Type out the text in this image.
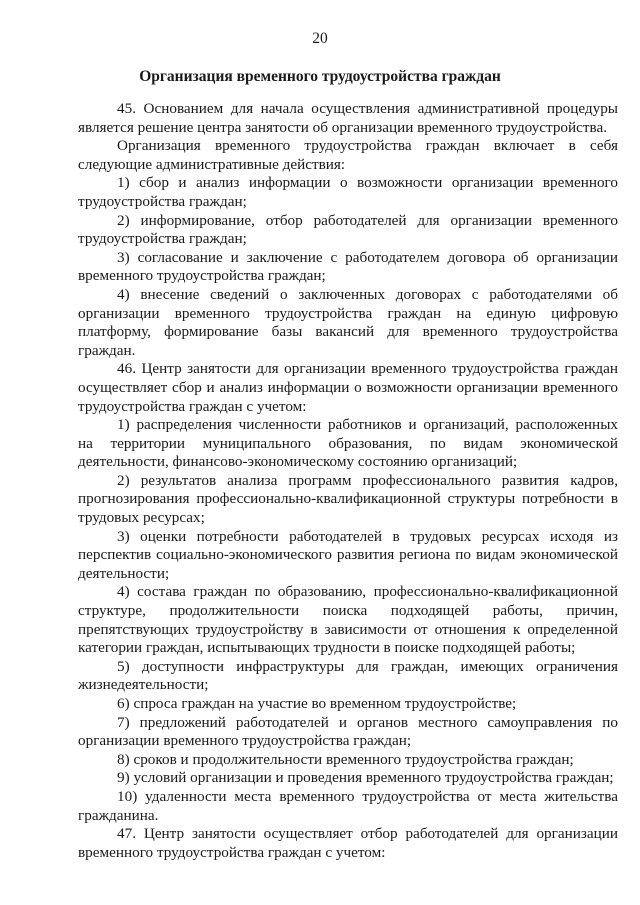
20
Организация временного трудоустройства граждан

45. Основанием для начала осуществления административной процедуры является решение центра занятости об организации временного трудоустройства.

Организация временного трудоустройства граждан включает в себя следующие административные действия:

1) сбор и анализ информации о возможности организации временного трудоустройства граждан;

2) информирование, отбор работодателей для организации временного трудоустройства граждан;

3) согласование и заключение с работодателем договора об организации временного трудоустройства граждан;

4) внесение сведений о заключенных договорах с работодателями об организации временного трудоустройства граждан на единую цифровую платформу, формирование базы вакансий для временного трудоустройства граждан.

46. Центр занятости для организации временного трудоустройства граждан осуществляет сбор и анализ информации о возможности организации временного трудоустройства граждан с учетом:

1) распределения численности работников и организаций, расположенных на территории муниципального образования, по видам экономической деятельности, финансово-экономическому состоянию организаций;

2) результатов анализа программ профессионального развития кадров, прогнозирования профессионально-квалификационной структуры потребности в трудовых ресурсах;

3) оценки потребности работодателей в трудовых ресурсах исходя из перспектив социально-экономического развития региона по видам экономической деятельности;

4) состава граждан по образованию, профессионально-квалификационной структуре, продолжительности поиска подходящей работы, причин, препятствующих трудоустройству в зависимости от отношения к определенной категории граждан, испытывающих трудности в поиске подходящей работы;

5) доступности инфраструктуры для граждан, имеющих ограничения жизнедеятельности;

6) спроса граждан на участие во временном трудоустройстве;

7) предложений работодателей и органов местного самоуправления по организации временного трудоустройства граждан;

8) сроков и продолжительности временного трудоустройства граждан;

9) условий организации и проведения временного трудоустройства граждан;

10) удаленности места временного трудоустройства от места жительства гражданина.

47. Центр занятости осуществляет отбор работодателей для организации временного трудоустройства граждан с учетом:
